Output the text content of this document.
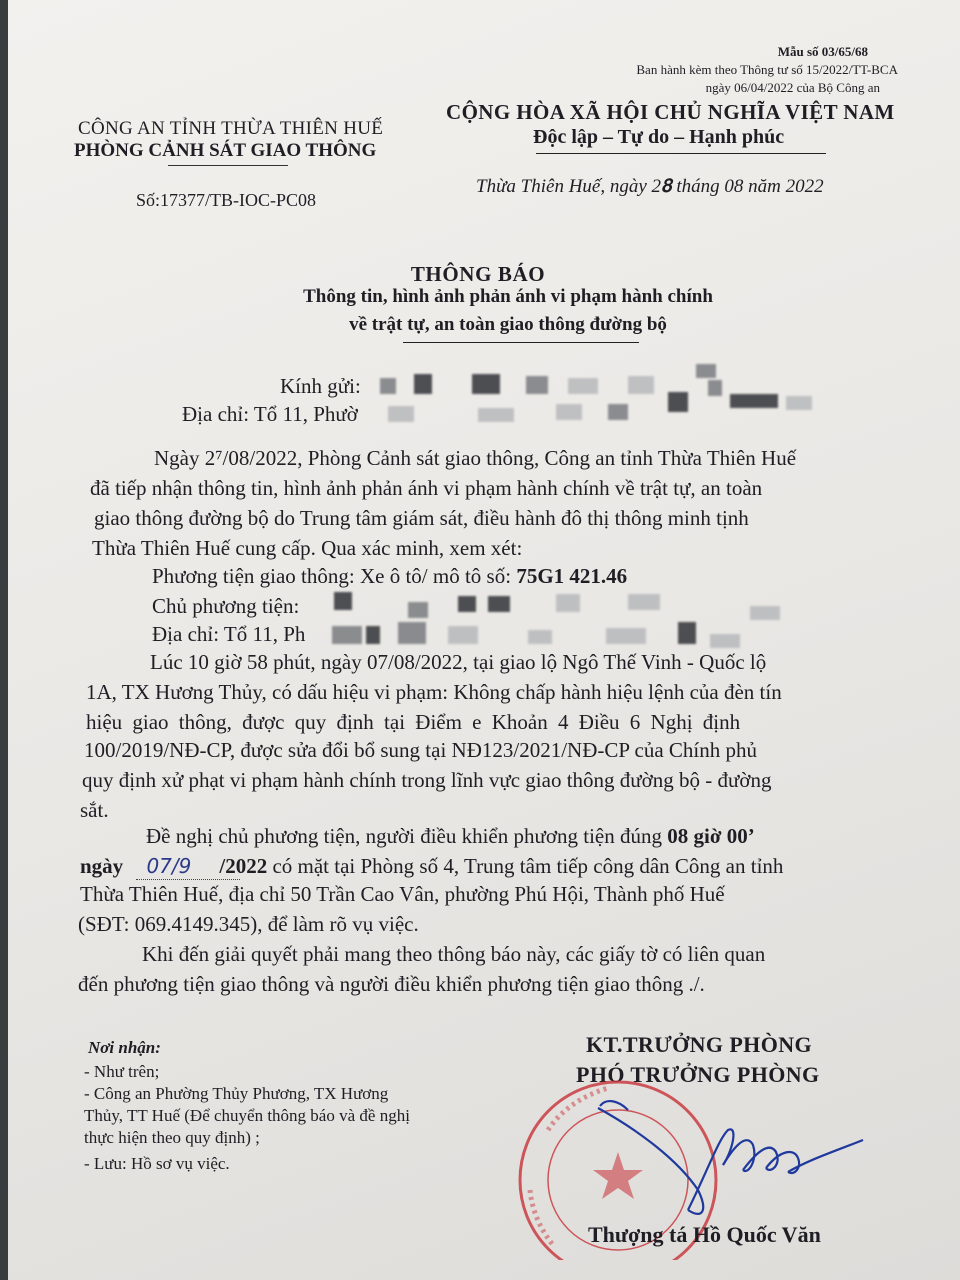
Mẫu số 03/65/68
Ban hành kèm theo Thông tư số 15/2022/TT-BCA
ngày 06/04/2022 của Bộ Công an
CÔNG AN TỈNH THỪA THIÊN HUẾ
PHÒNG CẢNH SÁT GIAO THÔNG
Số:17377/TB-IOC-PC08
CỘNG HÒA XÃ HỘI CHỦ NGHĨA VIỆT NAM
Độc lập – Tự do – Hạnh phúc
Thừa Thiên Huế, ngày 2𝟖 tháng 08 năm 2022
THÔNG BÁO
Thông tin, hình ảnh phản ánh vi phạm hành chính
về trật tự, an toàn giao thông đường bộ
Kính gửi:
Địa chỉ: Tổ 11, Phườ
Ngày 2⁷/08/2022, Phòng Cảnh sát giao thông, Công an tỉnh Thừa Thiên Huế
đã tiếp nhận thông tin, hình ảnh phản ánh vi phạm hành chính về trật tự, an toàn
giao thông đường bộ do Trung tâm giám sát, điều hành đô thị thông minh tịnh
Thừa Thiên Huế cung cấp. Qua xác minh, xem xét:
Phương tiện giao thông: Xe ô tô/ mô tô số: 75G1 421.46
Chủ phương tiện:
Địa chỉ: Tổ 11, Ph
Lúc 10 giờ 58 phút, ngày 07/08/2022, tại giao lộ Ngô Thế Vinh - Quốc lộ
1A, TX Hương Thủy, có dấu hiệu vi phạm: Không chấp hành hiệu lệnh của đèn tín
hiệu giao thông, được quy định tại Điểm e Khoản 4 Điều 6 Nghị định
100/2019/NĐ-CP, được sửa đổi bổ sung tại NĐ123/2021/NĐ-CP của Chính phủ
quy định xử phạt vi phạm hành chính trong lĩnh vực giao thông đường bộ - đường
sắt.
Đề nghị chủ phương tiện, người điều khiển phương tiện đúng 08 giờ 00’
ngày 07/9 /2022 có mặt tại Phòng số 4, Trung tâm tiếp công dân Công an tỉnh
Thừa Thiên Huế, địa chỉ 50 Trần Cao Vân, phường Phú Hội, Thành phố Huế
(SĐT: 069.4149.345), để làm rõ vụ việc.
Khi đến giải quyết phải mang theo thông báo này, các giấy tờ có liên quan
đến phương tiện giao thông và người điều khiển phương tiện giao thông ./.
Nơi nhận:
- Như trên;
- Công an Phường Thủy Phương, TX Hương
Thủy, TT Huế (Để chuyển thông báo và đề nghị
thực hiện theo quy định) ;
- Lưu: Hồ sơ vụ việc.
KT.TRƯỞNG PHÒNG
PHÓ TRƯỞNG PHÒNG
Thượng tá Hồ Quốc Văn
